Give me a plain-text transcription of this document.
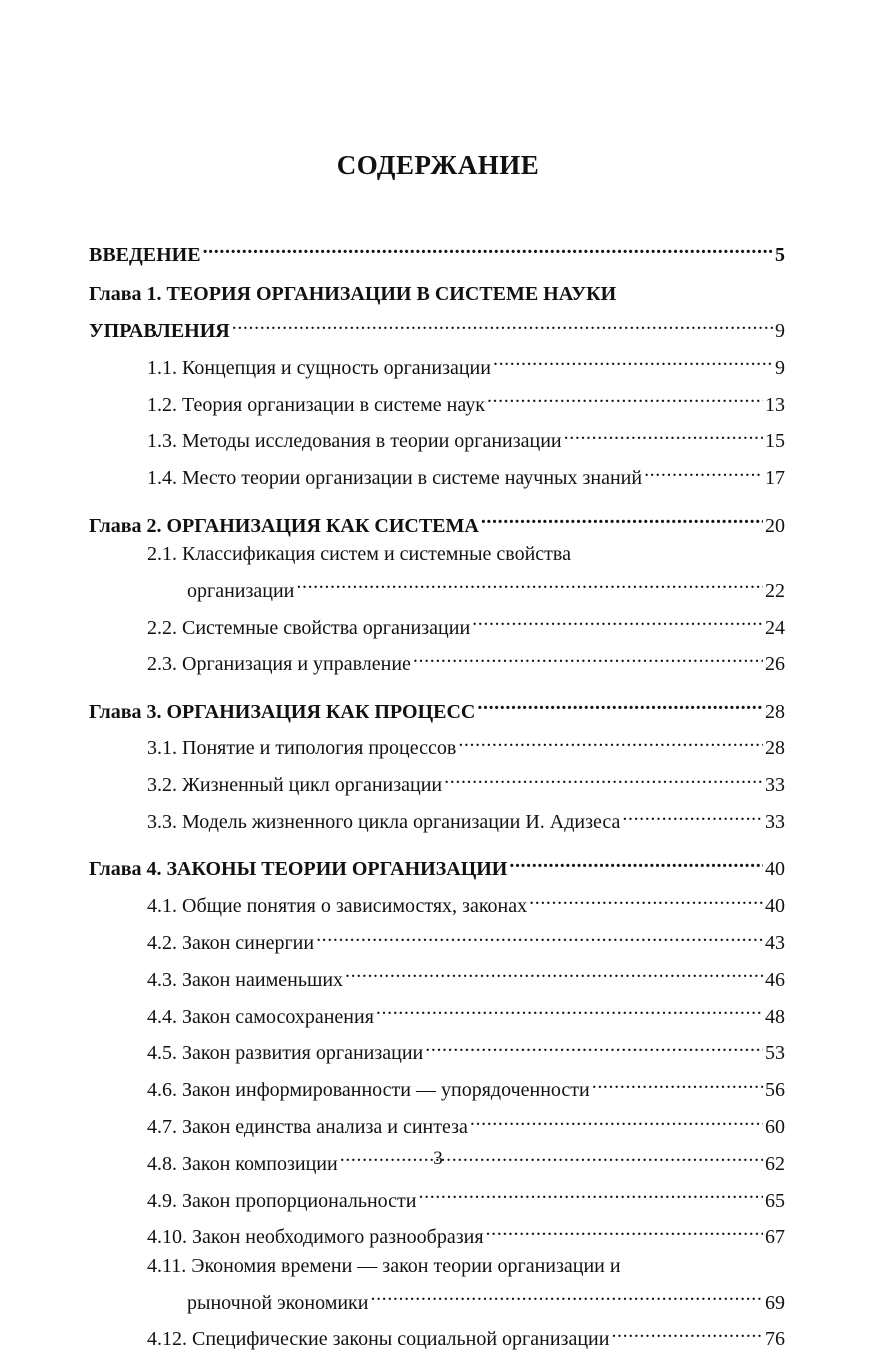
СОДЕРЖАНИЕ
ВВЕДЕНИЕ .....	5
Глава 1. ТЕОРИЯ ОРГАНИЗАЦИИ В СИСТЕМЕ НАУКИ
УПРАВЛЕНИЯ .....	9
1.1. Концепция и сущность организации .....	9
1.2. Теория организации в системе наук .....	13
1.3. Методы исследования в теории организации .....	15
1.4. Место теории организации в системе научных знаний .....	17
Глава 2. ОРГАНИЗАЦИЯ КАК СИСТЕМА .....	20
2.1. Классификация систем и системные свойства
организации .....	22
2.2. Системные свойства организации .....	24
2.3. Организация и управление .....	26
Глава 3. ОРГАНИЗАЦИЯ КАК ПРОЦЕСС .....	28
3.1. Понятие и типология процессов .....	28
3.2. Жизненный цикл организации .....	33
3.3. Модель жизненного цикла организации И. Адизеса .....	33
Глава 4. ЗАКОНЫ ТЕОРИИ ОРГАНИЗАЦИИ .....	40
4.1. Общие понятия о зависимостях, законах .....	40
4.2. Закон синергии .....	43
4.3. Закон наименьших .....	46
4.4. Закон самосохранения .....	48
4.5. Закон развития организации .....	53
4.6. Закон информированности — упорядоченности .....	56
4.7. Закон единства анализа и синтеза .....	60
4.8. Закон композиции .....	62
4.9. Закон пропорциональности .....	65
4.10. Закон необходимого разнообразия .....	67
4.11. Экономия времени — закон теории организации и
рыночной экономики .....	69
4.12. Специфические законы социальной организации .....	76
3
